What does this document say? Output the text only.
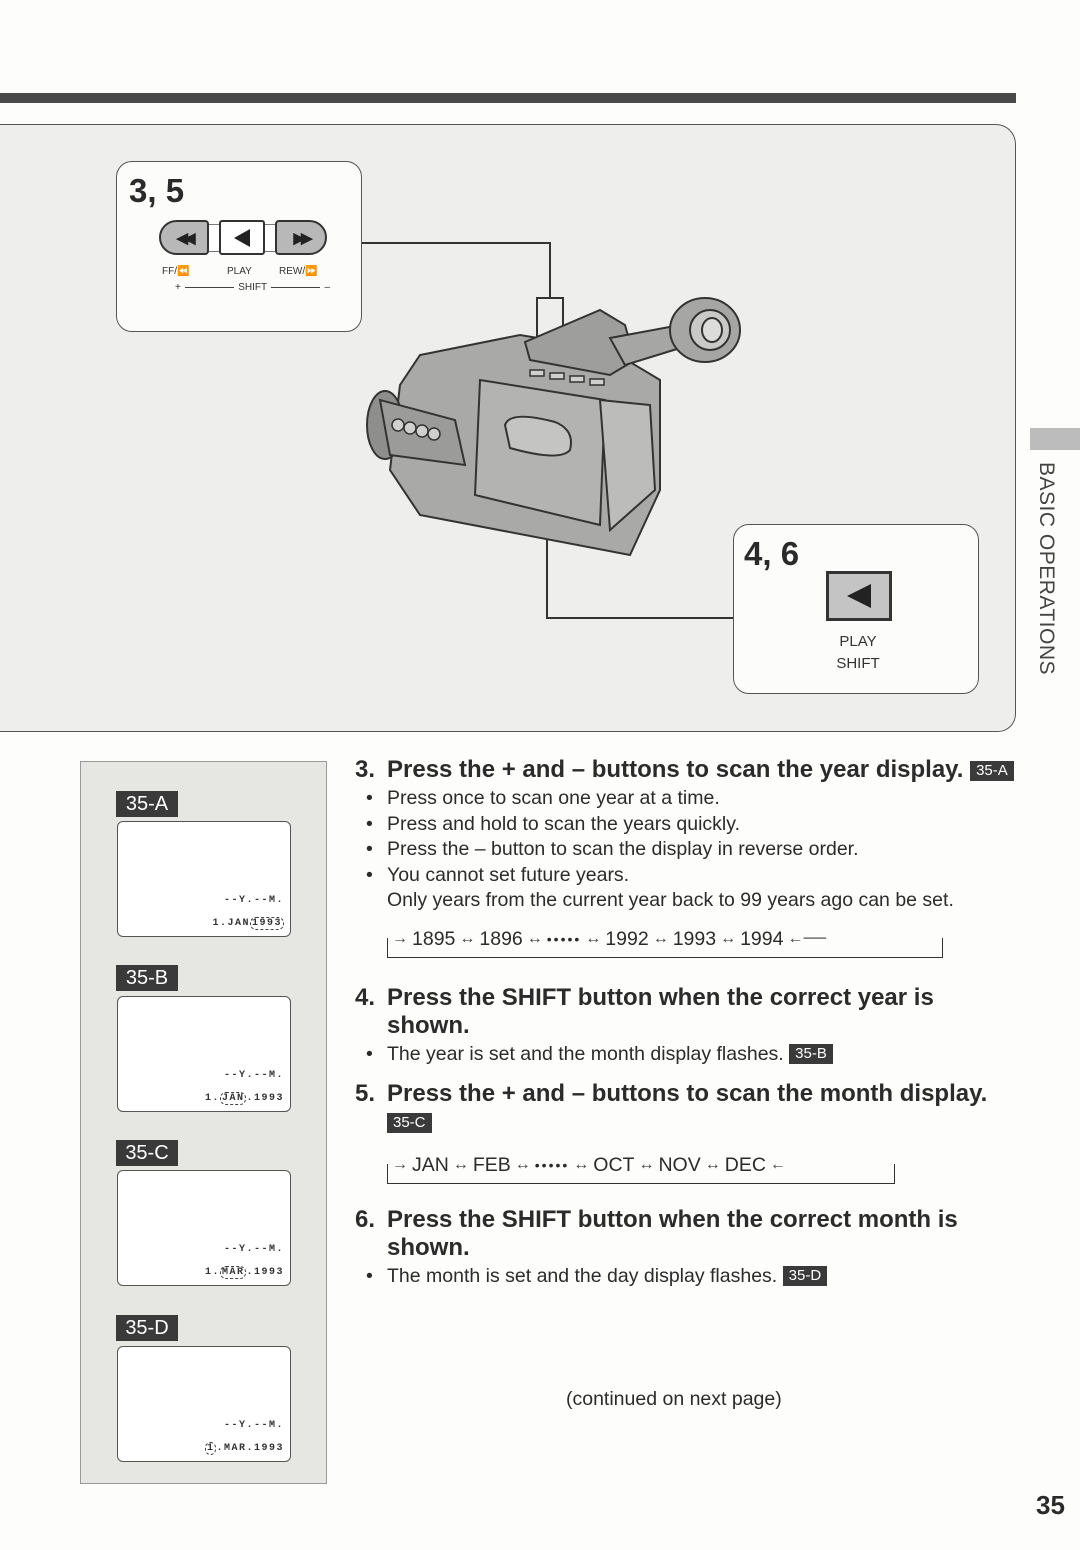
3, 5
◀◀	▶▶
FF/⏪	PLAY	REW/⏩
+	SHIFT	–
4, 6
PLAY
SHIFT	BASIC OPERATIONS
35-A
--Y.--M.
1.JAN 1993
35-B
--Y.--M.
1. JAN .1993
35-C
--Y.--M.
1. MAR .1993
35-D
--Y.--M.
1 .MAR.1993
3. Press the + and – buttons to scan the year display. 35-A
• Press once to scan one year at a time.
• Press and hold to scan the years quickly.
• Press the – button to scan the display in reverse order.
• You cannot set future years.
Only years from the current year back to 99 years ago can be set.
→ 1895 ↔ 1896 ↔ ••••• ↔ 1992 ↔ 1993 ↔ 1994 ←──
4. Press the SHIFT button when the correct year is shown.
• The year is set and the month display flashes. 35-B
5. Press the + and – buttons to scan the month display. 35-C
→ JAN ↔ FEB ↔ ••••• ↔ OCT ↔ NOV ↔ DEC ←
6. Press the SHIFT button when the correct month is shown.
• The month is set and the day display flashes. 35-D
(continued on next page)
35
